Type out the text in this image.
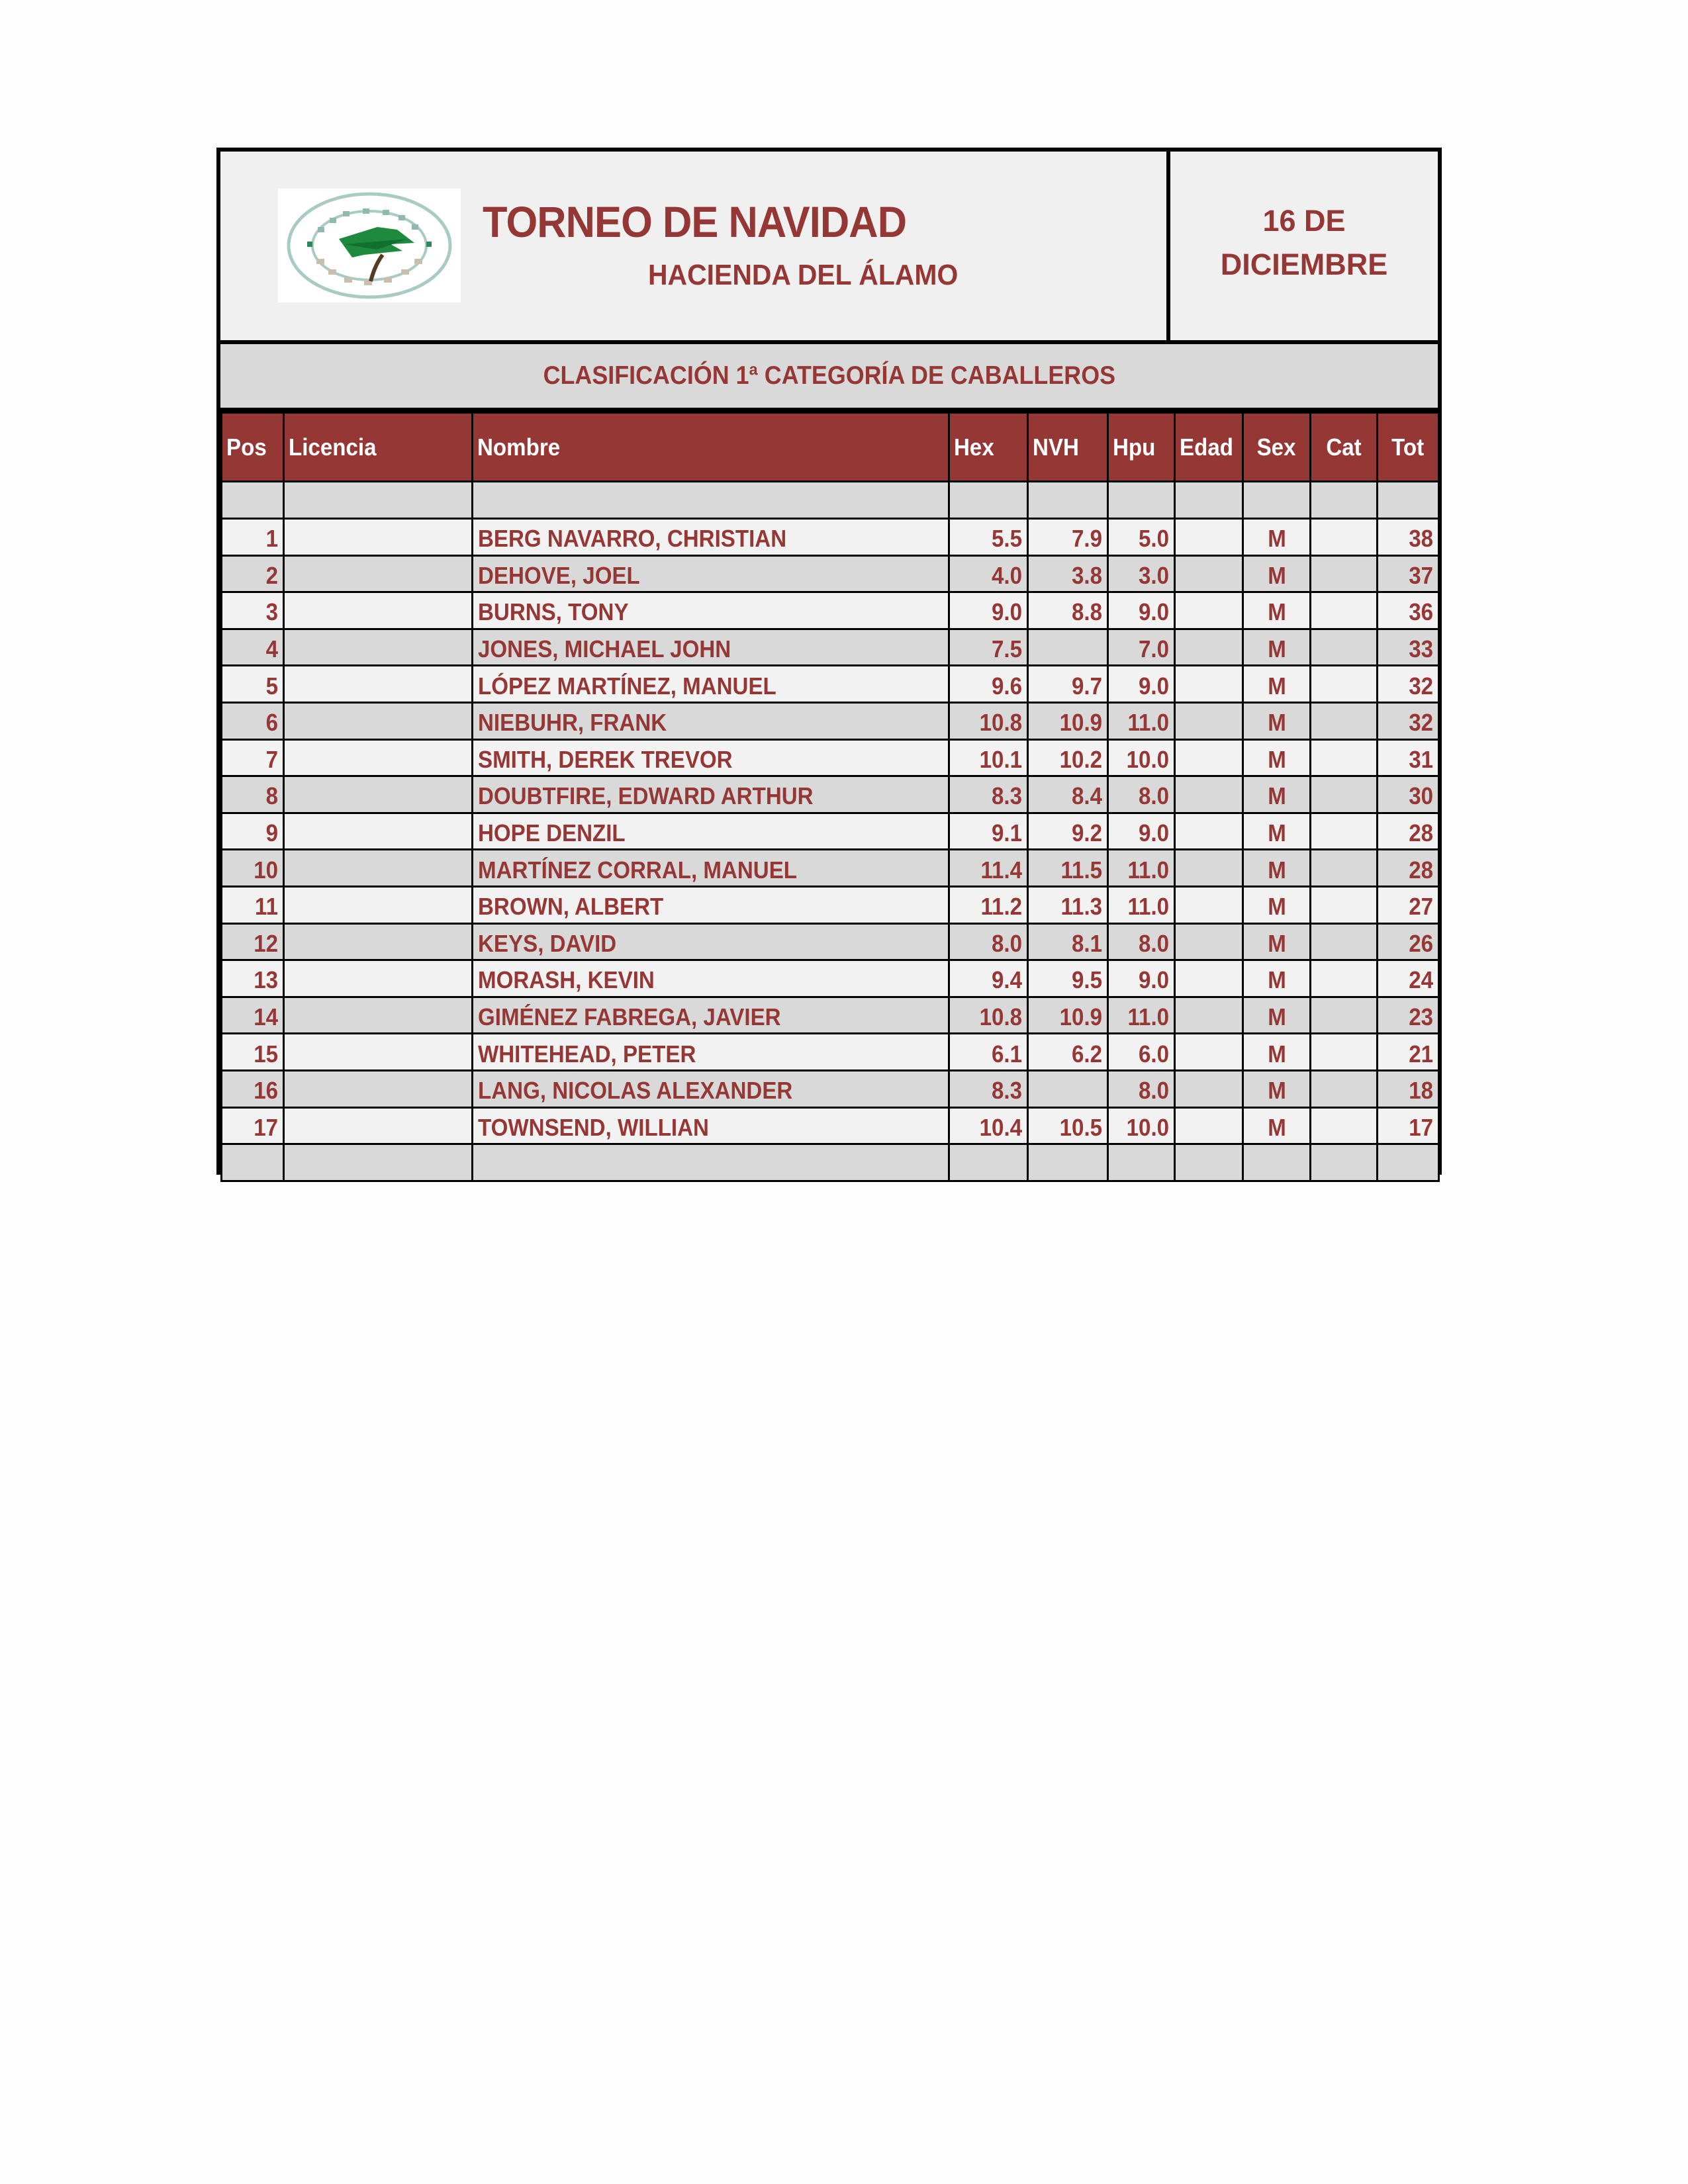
TORNEO DE NAVIDAD
HACIENDA DEL ÁLAMO
16 DE
DICIEMBRE
CLASIFICACIÓN 1ª CATEGORÍA DE CABALLEROS
Pos	Licencia	Nombre	Hex	NVH	Hpu	Edad	Sex	Cat	Tot

1		BERG NAVARRO, CHRISTIAN	5.5	7.9	5.0		M		38
2		DEHOVE, JOEL	4.0	3.8	3.0		M		37
3		BURNS, TONY	9.0	8.8	9.0		M		36
4		JONES, MICHAEL JOHN	7.5		7.0		M		33
5		LÓPEZ MARTÍNEZ, MANUEL	9.6	9.7	9.0		M		32
6		NIEBUHR, FRANK	10.8	10.9	11.0		M		32
7		SMITH, DEREK TREVOR	10.1	10.2	10.0		M		31
8		DOUBTFIRE, EDWARD ARTHUR	8.3	8.4	8.0		M		30
9		HOPE DENZIL	9.1	9.2	9.0		M		28
10		MARTÍNEZ CORRAL, MANUEL	11.4	11.5	11.0		M		28
11		BROWN, ALBERT	11.2	11.3	11.0		M		27
12		KEYS, DAVID	8.0	8.1	8.0		M		26
13		MORASH, KEVIN	9.4	9.5	9.0		M		24
14		GIMÉNEZ FABREGA, JAVIER	10.8	10.9	11.0		M		23
15		WHITEHEAD, PETER	6.1	6.2	6.0		M		21
16		LANG, NICOLAS ALEXANDER	8.3		8.0		M		18
17		TOWNSEND, WILLIAN	10.4	10.5	10.0		M		17
